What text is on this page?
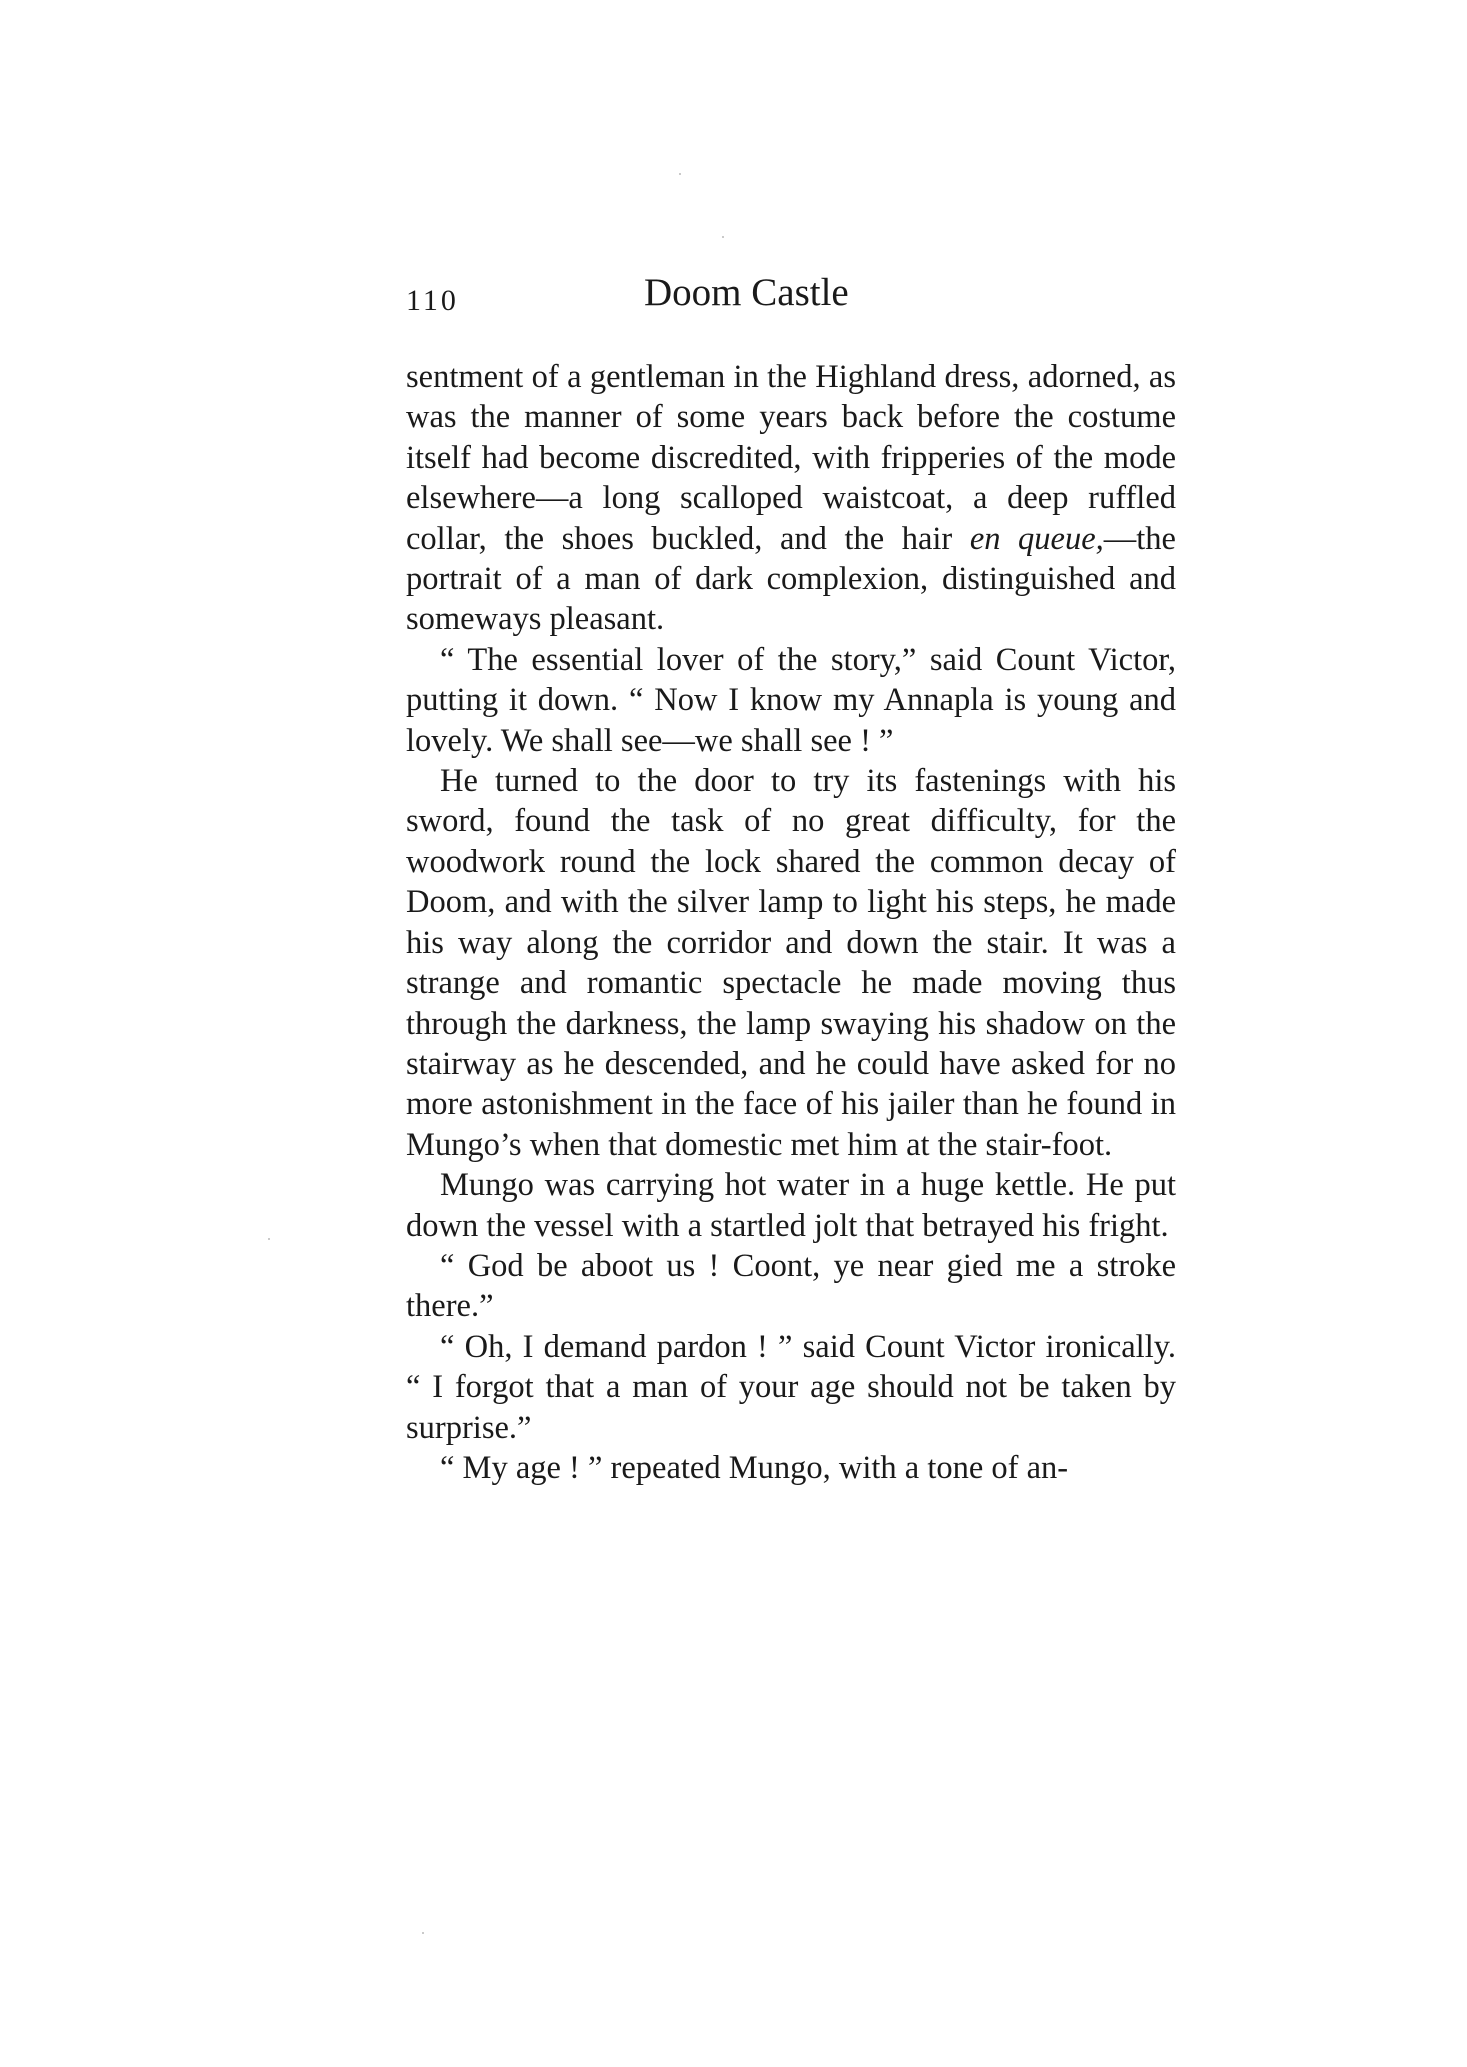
110	Doom Castle

sentment of a gentleman in the Highland dress, adorned, as was the manner of some years back before the costume itself had become discredited, with fripperies of the mode elsewhere—a long scalloped waistcoat, a deep ruffled collar, the shoes buckled, and the hair en queue,—the portrait of a man of dark complexion, distinguished and someways pleasant.

“ The essential lover of the story,” said Count Victor, putting it down. “ Now I know my Annapla is young and lovely. We shall see—we shall see ! ”

He turned to the door to try its fastenings with his sword, found the task of no great difficulty, for the woodwork round the lock shared the common decay of Doom, and with the silver lamp to light his steps, he made his way along the corridor and down the stair. It was a strange and romantic spectacle he made moving thus through the darkness, the lamp swaying his shadow on the stairway as he descended, and he could have asked for no more astonishment in the face of his jailer than he found in Mungo’s when that domestic met him at the stair-foot.

Mungo was carrying hot water in a huge kettle. He put down the vessel with a startled jolt that betrayed his fright.

“ God be aboot us ! Coont, ye near gied me a stroke there.”

“ Oh, I demand pardon ! ” said Count Victor ironically. “ I forgot that a man of your age should not be taken by surprise.”

“ My age ! ” repeated Mungo, with a tone of an-
